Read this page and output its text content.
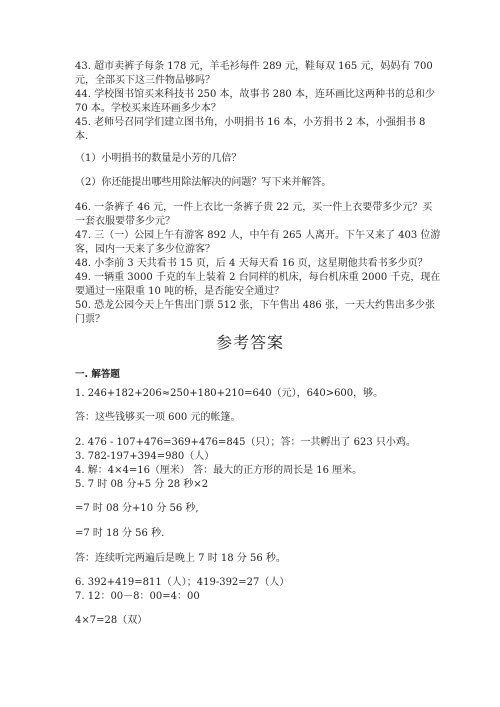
43. 超市卖裤子每条 178 元，羊毛衫每件 289 元，鞋每双 165 元，妈妈有 700
元，全部买下这三件物品够吗？
44. 学校图书馆买来科技书 250 本，故事书 280 本，连环画比这两种书的总和少
70 本。学校买来连环画多少本？
45. 老师号召同学们建立图书角，小明捐书 16 本，小芳捐书 2 本，小强捐书 8
本.
（1）小明捐书的数量是小芳的几倍？
（2）你还能提出哪些用除法解决的问题？写下来并解答。
46. 一条裤子 46 元，一件上衣比一条裤子贵 22 元，买一件上衣要带多少元？买
一套衣服要带多少元？
47. 三（一）公园上午有游客 892 人，中午有 265 人离开。下午又来了 403 位游
客，园内一天来了多少位游客？
48. 小李前 3 天共看书 15 页，后 4 天每天看 16 页，这星期他共看书多少页？
49. 一辆重 3000 千克的车上装着 2 台同样的机床，每台机床重 2000 千克，现在
要通过一座限重 10 吨的桥，是否能安全通过？
50. 恐龙公园今天上午售出门票 512 张，下午售出 486 张，一天大约售出多少张
门票？
参考答案
一. 解答题
1. 246+182+206≈250+180+210=640（元），640>600，够。
答：这些钱够买一项 600 元的帐篷。
2. 476 - 107+476=369+476=845（只）；答：一共孵出了 623 只小鸡。
3. 782-197+394=980（人）
4. 解：4×4=16（厘米） 答：最大的正方形的周长是 16 厘米。
5. 7 时 08 分+5 分 28 秒×2
=7 时 08 分+10 分 56 秒,
=7 时 18 分 56 秒.
答：连续听完两遍后是晚上 7 时 18 分 56 秒。
6. 392+419=811（人）；419-392=27（人）
7. 12：00－8：00=4：00
4×7=28（双）
